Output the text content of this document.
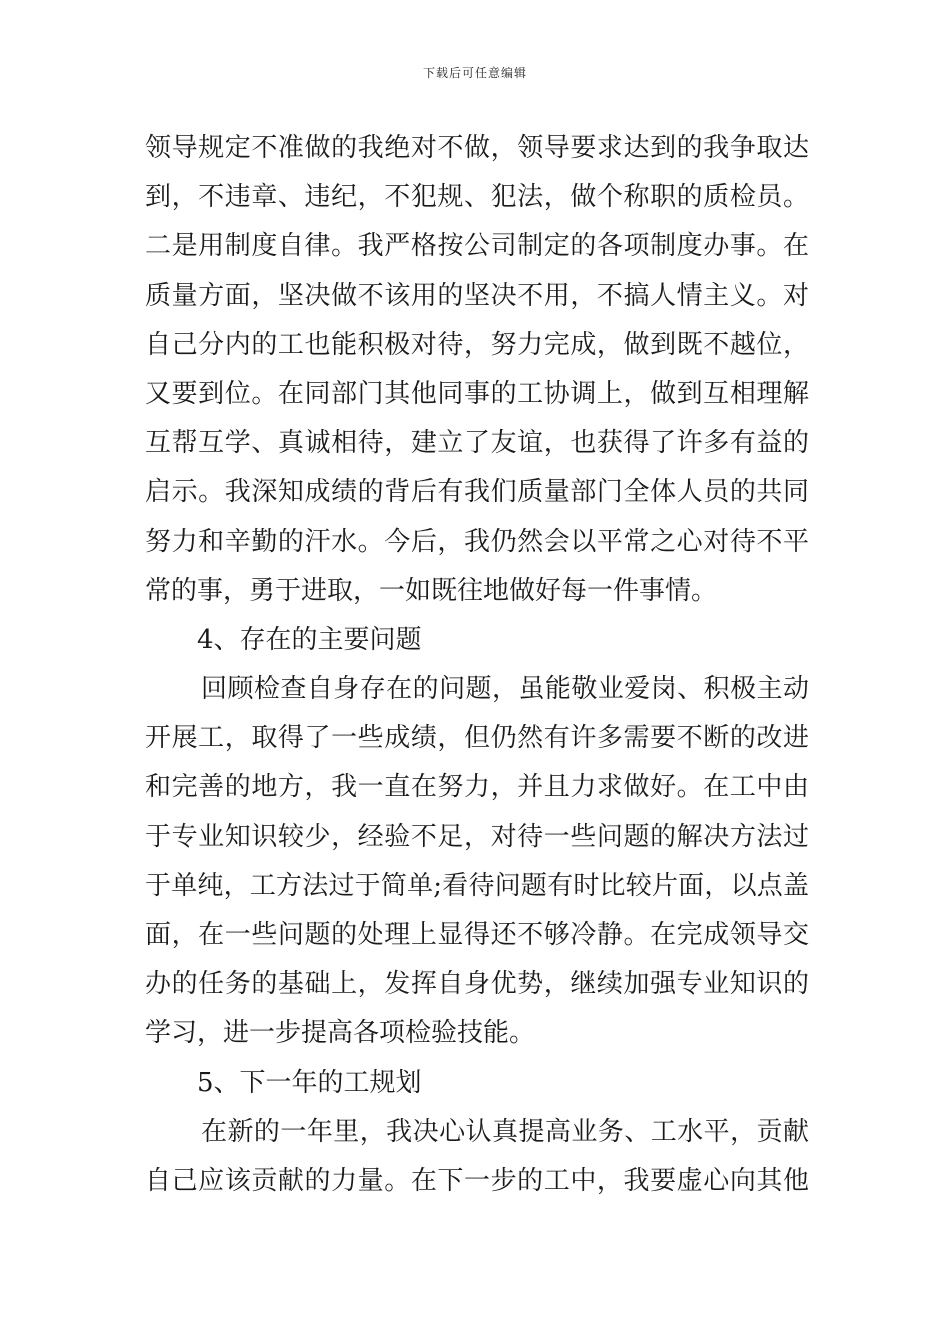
下载后可任意编辑
领导规定不准做的我绝对不做，领导要求达到的我争取达
到，不违章、违纪，不犯规、犯法，做个称职的质检员。
二是用制度自律。我严格按公司制定的各项制度办事。在
质量方面，坚决做不该用的坚决不用，不搞人情主义。对
自己分内的工也能积极对待，努力完成，做到既不越位，
又要到位。在同部门其他同事的工协调上，做到互相理解
互帮互学、真诚相待，建立了友谊，也获得了许多有益的
启示。我深知成绩的背后有我们质量部门全体人员的共同
努力和辛勤的汗水。今后，我仍然会以平常之心对待不平
常的事，勇于进取，一如既往地做好每一件事情。
4、存在的主要问题
回顾检查自身存在的问题，虽能敬业爱岗、积极主动
开展工，取得了一些成绩，但仍然有许多需要不断的改进
和完善的地方，我一直在努力，并且力求做好。在工中由
于专业知识较少，经验不足，对待一些问题的解决方法过
于单纯，工方法过于简单;看待问题有时比较片面，以点盖
面，在一些问题的处理上显得还不够冷静。在完成领导交
办的任务的基础上，发挥自身优势，继续加强专业知识的
学习，进一步提高各项检验技能。
5、下一年的工规划
在新的一年里，我决心认真提高业务、工水平，贡献
自己应该贡献的力量。在下一步的工中，我要虚心向其他
